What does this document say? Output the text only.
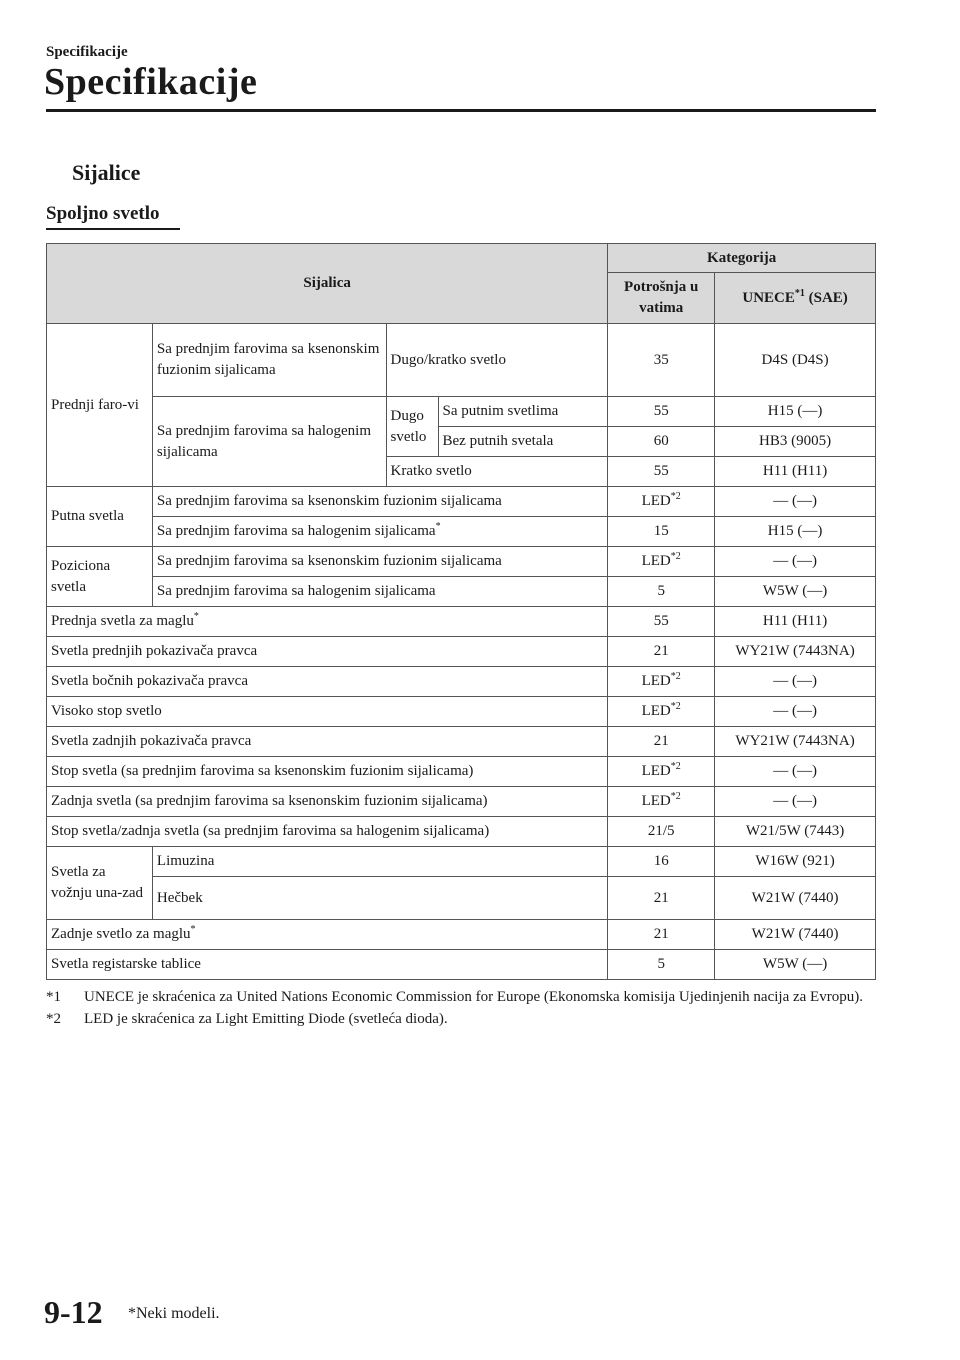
Specifikacije
Specifikacije
Sijalice
Spoljno svetlo
Sijalica				Kategorija	
				Potrošnja u vatima	UNECE$^{*1}$ (SAE)
Prednji faro-vi	Sa prednjim farovima sa ksenonskim fuzionim sijalicama	Dugo/kratko svetlo		35	D4S (D4S)
	Sa prednjim farovima sa halogenim sijalicama	Dugo svetlo	Sa putnim svetlima	55	H15 (—)
			Bez putnih svetala	60	HB3 (9005)
		Kratko svetlo		55	H11 (H11)
Putna svetla	Sa prednjim farovima sa ksenonskim fuzionim sijalicama			LED$^{*2}$	— (—)
	Sa prednjim farovima sa halogenim sijalicama*			15	H15 (—)
Poziciona svetla	Sa prednjim farovima sa ksenonskim fuzionim sijalicama			LED$^{*2}$	— (—)
	Sa prednjim farovima sa halogenim sijalicama			5	W5W (—)
Prednja svetla za maglu*				55	H11 (H11)
Svetla prednjih pokazivača pravca				21	WY21W (7443NA)
Svetla bočnih pokazivača pravca				LED$^{*2}$	— (—)
Visoko stop svetlo				LED$^{*2}$	— (—)
Svetla zadnjih pokazivača pravca				21	WY21W (7443NA)
Stop svetla (sa prednjim farovima sa ksenonskim fuzionim sijalicama)				LED$^{*2}$	— (—)
Zadnja svetla (sa prednjim farovima sa ksenonskim fuzionim sijalicama)				LED$^{*2}$	— (—)
Stop svetla/zadnja svetla (sa prednjim farovima sa halogenim sijalicama)				21/5	W21/5W (7443)
Svetla za vožnju una-zad	Limuzina			16	W16W (921)
	Hečbek			21	W21W (7440)
Zadnje svetlo za maglu*				21	W21W (7440)
Svetla registarske tablice				5	W5W (—)
*1 UNECE je skraćenica za United Nations Economic Commission for Europe (Ekonomska komisija Ujedinjenih nacija za Evropu).
*2 LED je skraćenica za Light Emitting Diode (svetleća dioda).
9-12 *Neki modeli.
